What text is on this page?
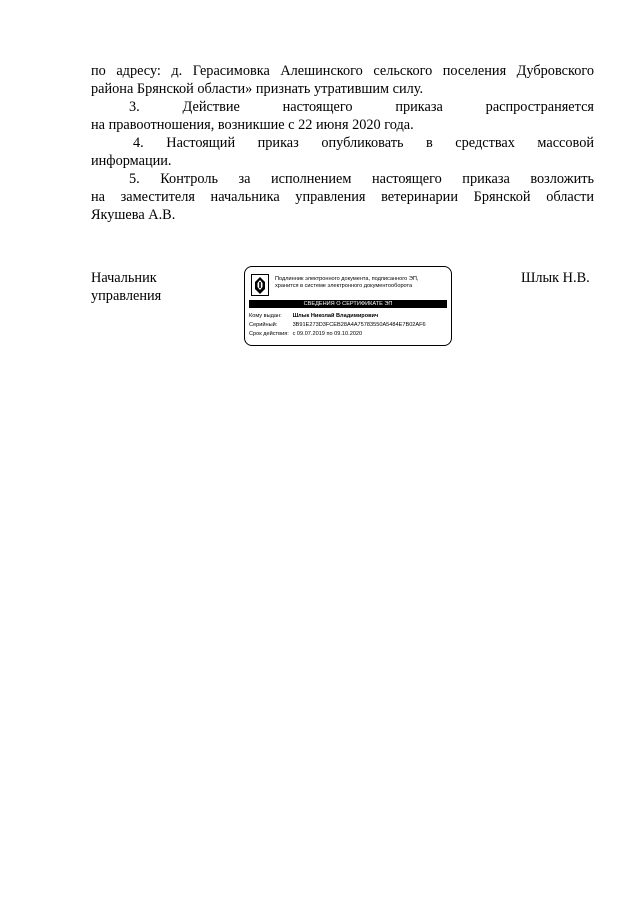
по адресу: д. Герасимовка Алешинского сельского поселения Дубровского
района Брянской области» признать утратившим силу.
3. Действие настоящего приказа распространяется
на правоотношения, возникшие с 22 июня 2020 года.
4. Настоящий приказ опубликовать в средствах массовой
информации.
5. Контроль за исполнением настоящего приказа возложить
на заместителя начальника управления ветеринарии Брянской области
Якушева А.В.
Начальник
управления
Подлинник электронного документа, подписанного ЭП,
хранится в системе электронного документооборота
СВЕДЕНИЯ О СЕРТИФИКАТЕ ЭП
Кому выдан: Шлык Николай Владимирович
Серийный:	3B91E273D3FCEB28A4A757835​50A5484E7B02AF6
Срок действия: с 09.07.2019 по 09.10.2020
Шлык Н.В.
